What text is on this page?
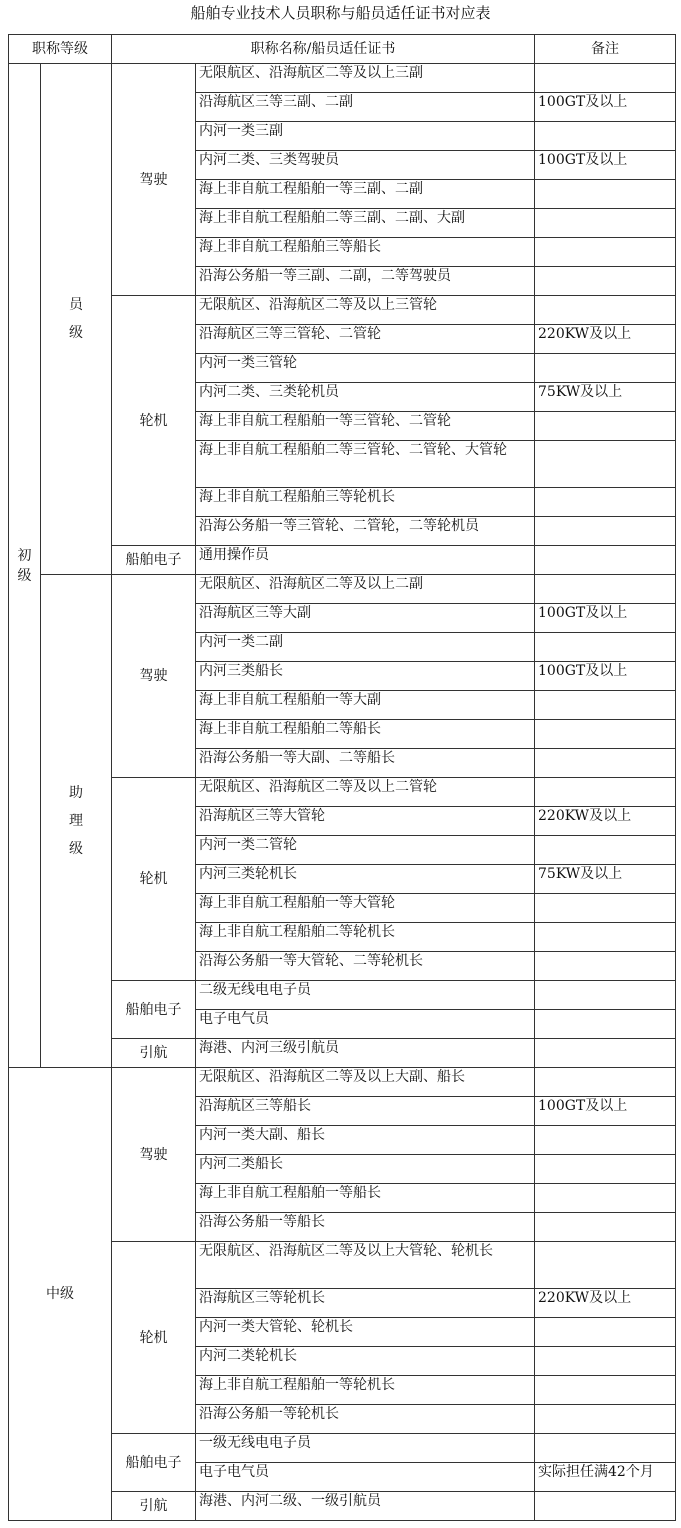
船舶专业技术人员职称与船员适任证书对应表
职称等级		职称名称/船员适任证书		备注
初级	员级	驾驶	无限航区、沿海航区二等及以上三副	
			沿海航区三等三副、二副	100GT及以上
			内河一类三副	
			内河二类、三类驾驶员	100GT及以上
			海上非自航工程船舶一等三副、二副	
			海上非自航工程船舶二等三副、二副、大副	
			海上非自航工程船舶三等船长	
			沿海公务船一等三副、二副，二等驾驶员	
		轮机	无限航区、沿海航区二等及以上三管轮	
			沿海航区三等三管轮、二管轮	220KW及以上
			内河一类三管轮	
			内河二类、三类轮机员	75KW及以上
			海上非自航工程船舶一等三管轮、二管轮	
			海上非自航工程船舶二等三管轮、二管轮、大管轮	
			海上非自航工程船舶三等轮机长	
			沿海公务船一等三管轮、二管轮，二等轮机员	
		船舶电子	通用操作员	
	助理级	驾驶	无限航区、沿海航区二等及以上二副	
			沿海航区三等大副	100GT及以上
			内河一类二副	
			内河三类船长	100GT及以上
			海上非自航工程船舶一等大副	
			海上非自航工程船舶二等船长	
			沿海公务船一等大副、二等船长	
		轮机	无限航区、沿海航区二等及以上二管轮	
			沿海航区三等大管轮	220KW及以上
			内河一类二管轮	
			内河三类轮机长	75KW及以上
			海上非自航工程船舶一等大管轮	
			海上非自航工程船舶二等轮机长	
			沿海公务船一等大管轮、二等轮机长	
		船舶电子	二级无线电电子员	
			电子电气员	
		引航	海港、内河三级引航员	
中级		驾驶	无限航区、沿海航区二等及以上大副、船长	
			沿海航区三等船长	100GT及以上
			内河一类大副、船长	
			内河二类船长	
			海上非自航工程船舶一等船长	
			沿海公务船一等船长	
		轮机	无限航区、沿海航区二等及以上大管轮、轮机长	
			沿海航区三等轮机长	220KW及以上
			内河一类大管轮、轮机长	
			内河二类轮机长	
			海上非自航工程船舶一等轮机长	
			沿海公务船一等轮机长	
		船舶电子	一级无线电电子员	
			电子电气员	实际担任满42个月
		引航	海港、内河二级、一级引航员	
